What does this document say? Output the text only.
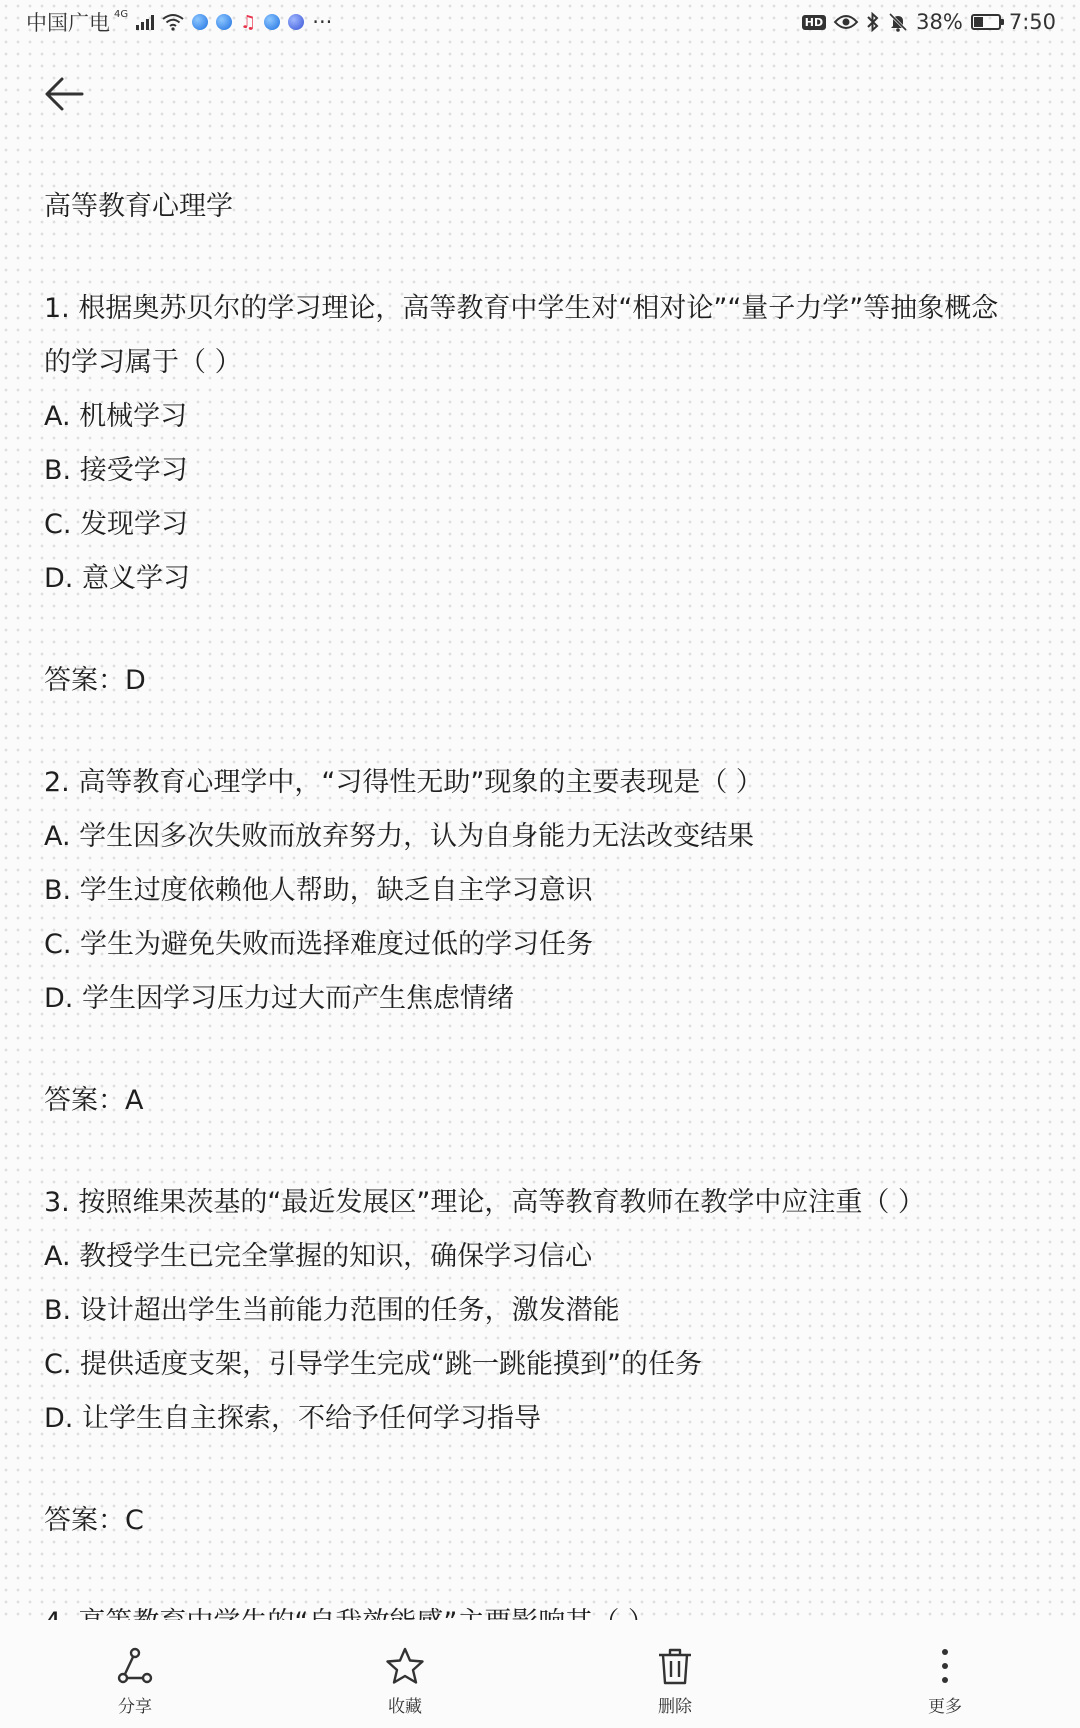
中国广电 4G	♫	···	HD	38% 7:50

高等教育心理学

1. 根据奥苏贝尔的学习理论，高等教育中学生对“相对论”“量子力学”等抽象概念

的学习属于（ ）

A. 机械学习

B. 接受学习

C. 发现学习

D. 意义学习

答案：D

2. 高等教育心理学中，“习得性无助”现象的主要表现是（ ）

A. 学生因多次失败而放弃努力，认为自身能力无法改变结果

B. 学生过度依赖他人帮助，缺乏自主学习意识

C. 学生为避免失败而选择难度过低的学习任务

D. 学生因学习压力过大而产生焦虑情绪

答案：A

3. 按照维果茨基的“最近发展区”理论，高等教育教师在教学中应注重（ ）

A. 教授学生已完全掌握的知识，确保学习信心

B. 设计超出学生当前能力范围的任务，激发潜能

C. 提供适度支架，引导学生完成“跳一跳能摸到”的任务

D. 让学生自主探索，不给予任何学习指导

答案：C

分享	收藏	删除	更多
